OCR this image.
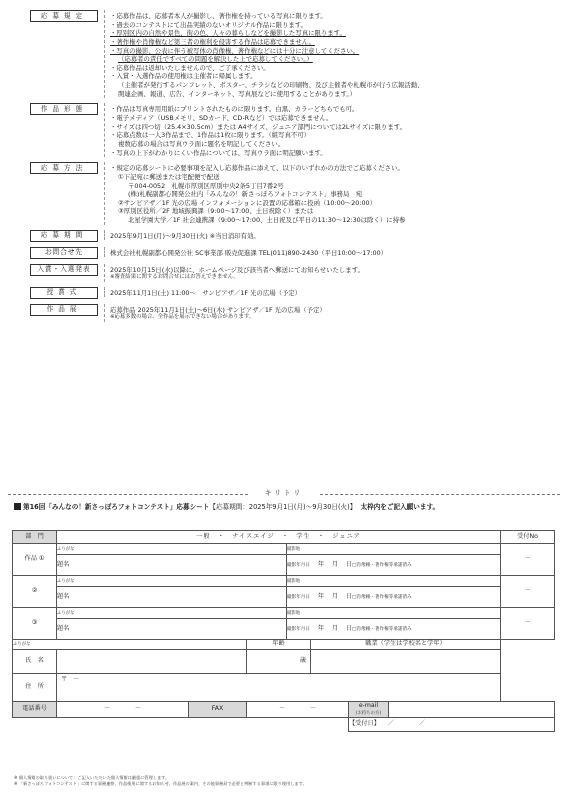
応募規定	・応募作品は、応募者本人が撮影し、著作権を持っている写真に限ります。
・過去のコンテストにて出品実績のないオリジナル作品に限ります。
・厚別区内の自然や景色、街の色、人々の暮らしなどを撮影した写真に限ります。
・著作権や肖像権など第三者の権利を侵害する作品は応募できません。
・写真の撮影、公表に伴う被写体の肖像権、著作権などには十分に注意してください。
（応募者の責任ですべての問題を解決した上で応募してください。）
・応募作品は返却いたしませんので、ご了承ください。
・入賞・入選作品の使用権は主催者に帰属します。
（主催者が発行するパンフレット、ポスター、チラシなどの印刷物、及び主催者や札幌市が行う広報活動、
関連企画、報道、広告、インターネット、写真展などに使用することがあります。）
作品形態	・作品は写真専用用紙にプリントされたものに限ります。白黒、カラーどちらでも可。
・電子メディア（USBメモリ、SDカード、CD-Rなど）では応募できません。
・サイズは四つ切（25.4×30.5cm）または A4サイズ、ジュニア部門については2Lサイズに限ります。
・応募点数は一人3作品まで、1作品は1枚に限ります。（組写真不可）
複数応募の場合は写真ウラ面に題名を明記してください。
・写真の上下がわかりにくい作品については、写真ウラ面に明記願います。
応募方法	・規定の応募シートに必要事項を記入し応募作品に添えて、以下のいずれかの方法でご応募ください。
①下記宛に郵送または宅配便で配送
〒004-0052　札幌市厚別区厚別中央2条5丁目7番2号
(株)札幌副都心開発公社内「みんなの！新さっぽろフォトコンテスト」事務局　宛
②サンピアザ／1F 光の広場 インフォメーションに設置の応募箱に投函（10:00～20:00）
③厚別区役所／2F 地域振興課（9:00～17:00、土日祝除く）または
北星学園大学／1F 社会連携課（9:00～17:00、土日祝及び平日の11:30～12:30は除く）に持参
応募期間	2025年9月1日(月)～9月30日(火) ※当日消印有効。
お問合せ先	株式会社札幌副都心開発公社 SC事業部 販売促進課 TEL(011)890-2430（平日10:00～17:00）
入賞・入選発表	2025年10月15日(水)以降に、ホームページ及び該当者へ郵送にてお知らせいたします。
※審査結果に関するお問合せにはお答えできません。
授賞式	2025年11月1日(土) 11:00～　サンピアザ／1F 光の広場（予定）
作品展	応募作品 2025年11月1日(土)～6日(木) サンピアザ／1F 光の広場（予定）
※応募多数の場合、全作品を展示できない場合があります。
キリトリ
第16回「みんなの！新さっぽろフォトコンテスト」応募シート【応募期間：2025年9月1日(月)～9月30日(火)】 太枠内をご記入願います。
部　門	一般　・　ナイスエイジ　・　学生　・　ジュニア							受付No
作品 ①	ふりがな			撮影地				－
	題名			撮影年月日 年 月 日□肖像権・著作権等承諾済み				
②	ふりがな			撮影地				－
	題名			撮影年月日 年 月 日□肖像権・著作権等承諾済み				
③	ふりがな			撮影地				－
	題名			撮影年月日 年 月 日□肖像権・著作権等承諾済み				
ふりがな			年齢		職業（学生は学校名と学年）			
氏　名			歳					
住　所	〒 －							
電話番号	－　　　　－	FAX	－　　　　－			e-mail
(お持ちの方)		

						【受付日】 ／　　　　／		
※ 個人情報の取り扱いについて：ご記入いただいた個人情報は厳重に管理します。
※ 「新さっぽろフォトコンテスト」に関する事務連絡、作品使用に関するお知らせ、作品展の案内、その他事務局で必要と判断する事項に限り使用します。
